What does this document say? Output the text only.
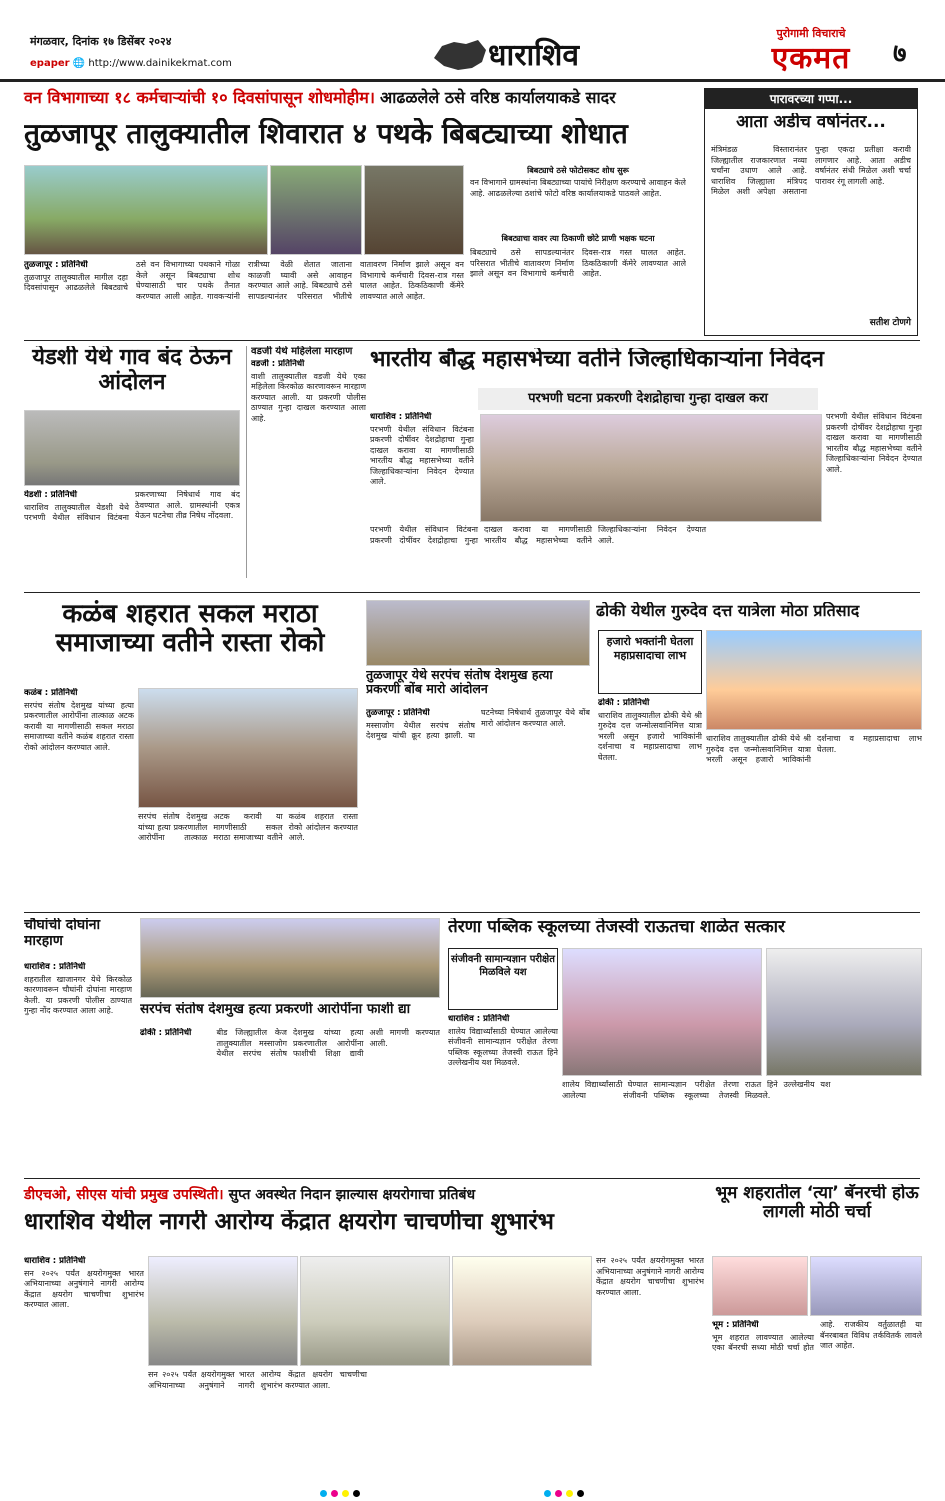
मंगळवार, दिनांक १७ डिसेंबर २०२४
epaper 🌐 http://www.dainikekmat.com	धाराशिव
पुरोगामी विचाराचे
एकमत	७
वन विभागाच्या १८ कर्मचाऱ्यांची १० दिवसांपासून शोधमोहीम। आढळलेले ठसे वरिष्ठ कार्यालयाकडे सादर
तुळजापूर तालुक्यातील शिवारात ४ पथके बिबट्याच्या शोधात
बिबट्याचे ठसे फोटोसकट शोध सुरू
वन विभागाने ग्रामस्थांना बिबट्याच्या पायांचे निरीक्षण करण्याचे आवाहन केले आहे. आढळलेल्या ठशांचे फोटो वरिष्ठ कार्यालयाकडे पाठवले आहेत.
बिबट्याचा वावर त्या ठिकाणी छोटे प्राणी भक्षक घटना
तुळजापूर : प्रतिनिधी
तुळजापूर तालुक्यातील मागील दहा दिवसांपासून आढळलेले बिबट्याचे ठसे वन विभागाच्या पथकाने गोळा केले असून बिबट्याचा शोध घेण्यासाठी चार पथके तैनात करण्यात आली आहेत. गावकऱ्यांनी रात्रीच्या वेळी शेतात जाताना काळजी घ्यावी असे आवाहन करण्यात आले आहे. बिबट्याचे ठसे सापडल्यानंतर परिसरात भीतीचे वातावरण निर्माण झाले असून वन विभागाचे कर्मचारी दिवस-रात्र गस्त घालत आहेत. ठिकठिकाणी कॅमेरे लावण्यात आले आहेत.
बिबट्याचे ठसे सापडल्यानंतर परिसरात भीतीचे वातावरण निर्माण झाले असून वन विभागाचे कर्मचारी दिवस-रात्र गस्त घालत आहेत. ठिकठिकाणी कॅमेरे लावण्यात आले आहेत.
पारावरच्या गप्पा...
आता अडीच वर्षानंतर...
मंत्रिमंडळ विस्तारानंतर जिल्ह्यातील राजकारणात नव्या चर्चांना उधाण आले आहे. धाराशिव जिल्ह्याला मंत्रिपद मिळेल अशी अपेक्षा असताना पुन्हा एकदा प्रतीक्षा करावी लागणार आहे. आता अडीच वर्षानंतर संधी मिळेल अशी चर्चा पारावर रंगू लागली आहे.
सतीश टोणगे
येडशी येथे गाव बंद ठेऊन आंदोलन
येडशी : प्रतिनिधी
धाराशिव तालुक्यातील येडशी येथे परभणी येथील संविधान विटंबना प्रकरणाच्या निषेधार्थ गाव बंद ठेवण्यात आले. ग्रामस्थांनी एकत्र येऊन घटनेचा तीव्र निषेध नोंदवला.
वडजी येथे महिलेला मारहाण
वडजी : प्रतिनिधी
वाशी तालुक्यातील वडजी येथे एका महिलेला किरकोळ कारणावरून मारहाण करण्यात आली. या प्रकरणी पोलीस ठाण्यात गुन्हा दाखल करण्यात आला आहे.
भारतीय बौद्ध महासभेच्या वतीने जिल्हाधिकाऱ्यांना निवेदन
परभणी घटना प्रकरणी देशद्रोहाचा गुन्हा दाखल करा
धाराशिव : प्रतिनिधी
परभणी येथील संविधान विटंबना प्रकरणी दोषींवर देशद्रोहाचा गुन्हा दाखल करावा या मागणीसाठी भारतीय बौद्ध महासभेच्या वतीने जिल्हाधिकाऱ्यांना निवेदन देण्यात आले.
परभणी येथील संविधान विटंबना प्रकरणी दोषींवर देशद्रोहाचा गुन्हा दाखल करावा या मागणीसाठी भारतीय बौद्ध महासभेच्या वतीने जिल्हाधिकाऱ्यांना निवेदन देण्यात आले.
परभणी येथील संविधान विटंबना प्रकरणी दोषींवर देशद्रोहाचा गुन्हा दाखल करावा या मागणीसाठी भारतीय बौद्ध महासभेच्या वतीने जिल्हाधिकाऱ्यांना निवेदन देण्यात आले.
कळंब शहरात सकल मराठा समाजाच्या वतीने रास्ता रोको
कळंब : प्रतिनिधी
सरपंच संतोष देशमुख यांच्या हत्या प्रकरणातील आरोपींना तात्काळ अटक करावी या मागणीसाठी सकल मराठा समाजाच्या वतीने कळंब शहरात रास्ता रोको आंदोलन करण्यात आले.
सरपंच संतोष देशमुख यांच्या हत्या प्रकरणातील आरोपींना तात्काळ अटक करावी या मागणीसाठी सकल मराठा समाजाच्या वतीने कळंब शहरात रास्ता रोको आंदोलन करण्यात आले.
तुळजापूर येथे सरपंच संतोष देशमुख हत्या प्रकरणी बोंब मारो आंदोलन
तुळजापूर : प्रतिनिधी
मस्साजोग येथील सरपंच संतोष देशमुख यांची क्रूर हत्या झाली. या घटनेच्या निषेधार्थ तुळजापूर येथे बोंब मारो आंदोलन करण्यात आले.
ढोकी येथील गुरुदेव दत्त यात्रेला मोठा प्रतिसाद
हजारो भक्तांनी घेतला महाप्रसादाचा लाभ
ढोकी : प्रतिनिधी
धाराशिव तालुक्यातील ढोकी येथे श्री गुरुदेव दत्त जन्मोत्सवानिमित्त यात्रा भरली असून हजारो भाविकांनी दर्शनाचा व महाप्रसादाचा लाभ घेतला.
धाराशिव तालुक्यातील ढोकी येथे श्री गुरुदेव दत्त जन्मोत्सवानिमित्त यात्रा भरली असून हजारो भाविकांनी दर्शनाचा व महाप्रसादाचा लाभ घेतला.
चौघांची दोघांना मारहाण
धाराशिव : प्रतिनिधी
शहरातील खाजानगर येथे किरकोळ कारणावरून चौघांनी दोघांना मारहाण केली. या प्रकरणी पोलीस ठाण्यात गुन्हा नोंद करण्यात आला आहे.	सरपंच संतोष देशमुख हत्या प्रकरणी आरोपींना फाशी द्या
ढोकी : प्रतिनिधी	बीड जिल्ह्यातील केज तालुक्यातील मस्साजोग येथील सरपंच संतोष देशमुख यांच्या हत्या प्रकरणातील आरोपींना फाशीची शिक्षा द्यावी अशी मागणी करण्यात आली.
तेरणा पब्लिक स्कूलच्या तेजस्वी राऊतचा शाळेत सत्कार
संजीवनी सामान्यज्ञान परीक्षेत मिळविले यश
धाराशिव : प्रतिनिधी
शालेय विद्यार्थ्यांसाठी घेण्यात आलेल्या संजीवनी सामान्यज्ञान परीक्षेत तेरणा पब्लिक स्कूलच्या तेजस्वी राऊत हिने उल्लेखनीय यश मिळवले.
शालेय विद्यार्थ्यांसाठी घेण्यात आलेल्या संजीवनी सामान्यज्ञान परीक्षेत तेरणा पब्लिक स्कूलच्या तेजस्वी राऊत हिने उल्लेखनीय यश मिळवले.
डीएचओ, सीएस यांची प्रमुख उपस्थिती। सुप्त अवस्थेत निदान झाल्यास क्षयरोगाचा प्रतिबंध
धाराशिव येथील नागरी आरोग्य केंद्रात क्षयरोग चाचणीचा शुभारंभ
धाराशिव : प्रतिनिधी
सन २०२५ पर्यंत क्षयरोगमुक्त भारत अभियानाच्या अनुषंगाने नागरी आरोग्य केंद्रात क्षयरोग चाचणीचा शुभारंभ करण्यात आला.
सन २०२५ पर्यंत क्षयरोगमुक्त भारत अभियानाच्या अनुषंगाने नागरी आरोग्य केंद्रात क्षयरोग चाचणीचा शुभारंभ करण्यात आला.
सन २०२५ पर्यंत क्षयरोगमुक्त भारत अभियानाच्या अनुषंगाने नागरी आरोग्य केंद्रात क्षयरोग चाचणीचा शुभारंभ करण्यात आला.
भूम शहरातील ‘त्या’ बॅनरची होऊ लागली मोठी चर्चा
भूम : प्रतिनिधी
भूम शहरात लावण्यात आलेल्या एका बॅनरची सध्या मोठी चर्चा होत आहे. राजकीय वर्तुळातही या बॅनरबाबत विविध तर्कवितर्क लावले जात आहेत.
